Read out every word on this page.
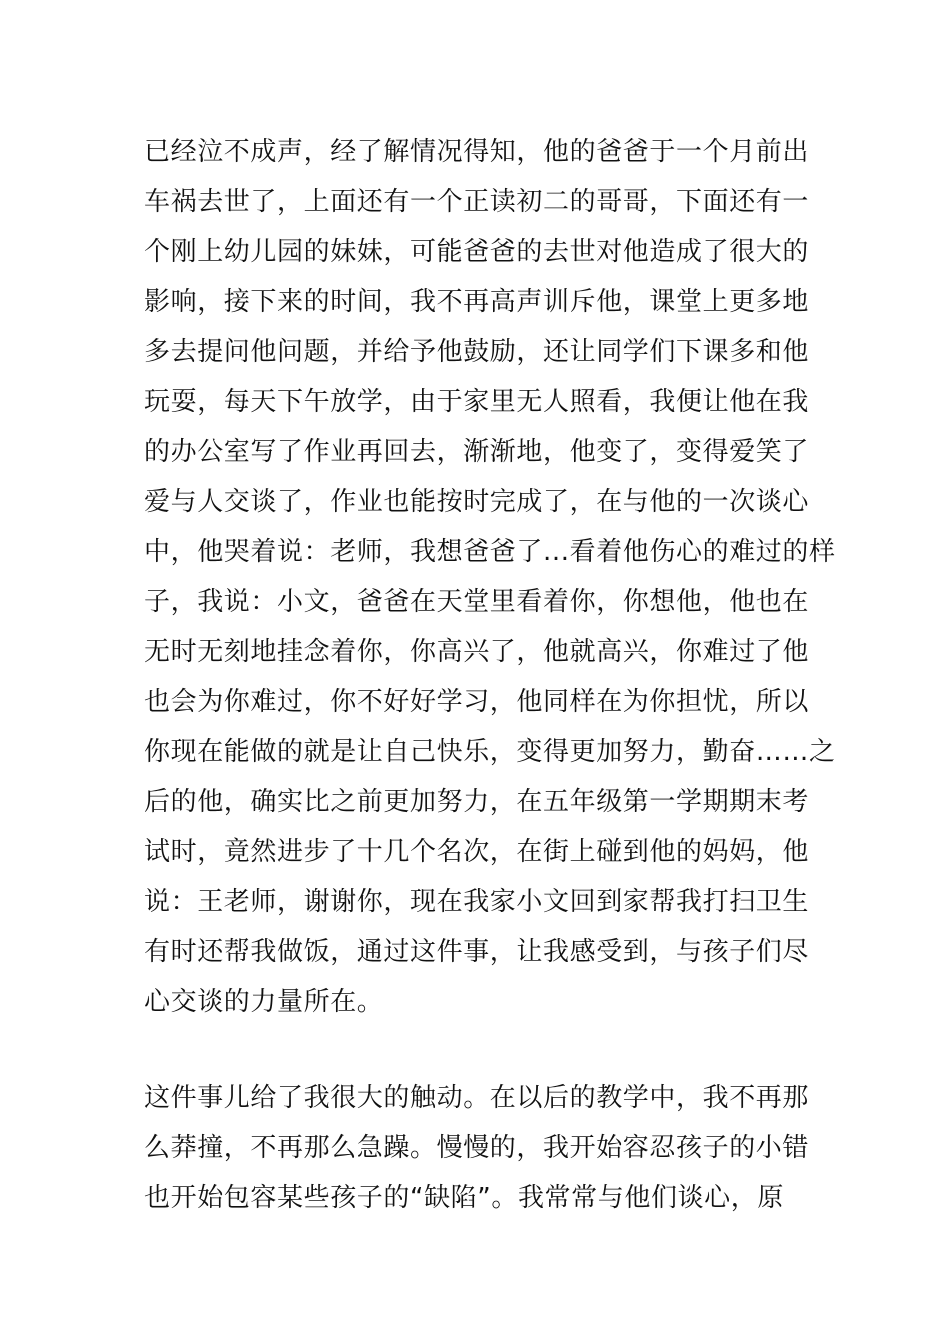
已经泣不成声，经了解情况得知，他的爸爸于一个月前出
车祸去世了，上面还有一个正读初二的哥哥，下面还有一
个刚上幼儿园的妹妹，可能爸爸的去世对他造成了很大的
影响，接下来的时间，我不再高声训斥他，课堂上更多地
多去提问他问题，并给予他鼓励，还让同学们下课多和他
玩耍，每天下午放学，由于家里无人照看，我便让他在我
的办公室写了作业再回去，渐渐地，他变了，变得爱笑了
爱与人交谈了，作业也能按时完成了，在与他的一次谈心
中，他哭着说：老师，我想爸爸了...看着他伤心的难过的样
子，我说：小文，爸爸在天堂里看着你，你想他，他也在
无时无刻地挂念着你，你高兴了，他就高兴，你难过了他
也会为你难过，你不好好学习，他同样在为你担忧，所以
你现在能做的就是让自己快乐，变得更加努力，勤奋……之
后的他，确实比之前更加努力，在五年级第一学期期末考
试时，竟然进步了十几个名次，在街上碰到他的妈妈，他
说：王老师，谢谢你，现在我家小文回到家帮我打扫卫生
有时还帮我做饭，通过这件事，让我感受到，与孩子们尽
心交谈的力量所在。
这件事儿给了我很大的触动。在以后的教学中，我不再那
么莽撞，不再那么急躁。慢慢的，我开始容忍孩子的小错
也开始包容某些孩子的“缺陷”。我常常与他们谈心，原
